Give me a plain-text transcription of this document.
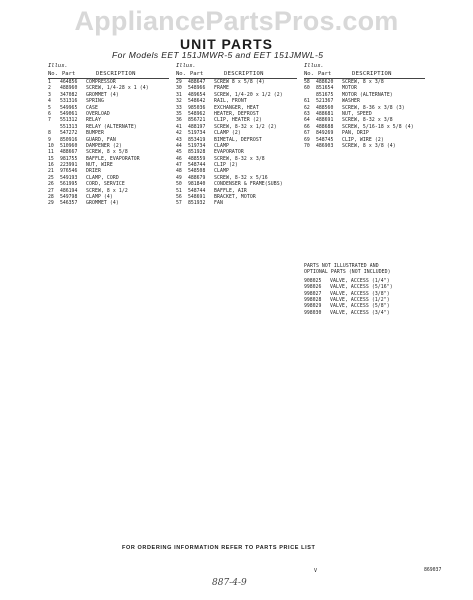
AppliancePartsPros.com
UNIT PARTS
For Models EET 151JMWR-5 and EET 151JMWL-5
Illus.
No. Part	DESCRIPTION
1	464856	COMPRESSOR
2	488960	SCREW, 1/4-28 x 1 (4)
3	347082	GROMMET (4)
4	531316	SPRING
5	549965	CASE
6	549061	OVERLOAD
7	551312	RELAY
551313	RELAY (ALTERNATE)
8	547272	BUMPER
9	850916	GUARD, FAN
10	510960	DAMPENER (2)
11	488667	SCREW, 8 x 5/8
15	981755	BAFFLE, EVAPORATOR
16	223991	NUT, WIRE
21	976546	DRIER
25	549193	CLAMP, CORD
26	561995	CORD, SERVICE
27	486194	SCREW, 8 x 1/2
28	549798	CLAMP (4)
29	546357	GROMMET (4)
Illus.
No. Part	DESCRIPTION
29	488647	SCREW 8 x 5/8 (4)
30	548966	FRAME
31	489654	SCREW, 1/4-20 x 1/2 (2)
32	548642	RAIL, FRONT
33	985036	EXCHANGER, HEAT
35	548962	HEATER, DEFROST
36	856721	CLIP, HEATER (2)
41	488197	SCREW, 8-32 x 1/2 (2)
42	519734	CLAMP (2)
43	853419	BIMETAL, DEFROST
44	519734	CLAMP
45	851928	EVAPORATOR
46	488559	SCREW, 8-32 x 3/8
47	548744	CLIP (2)
48	548508	CLAMP
49	488679	SCREW, 8-32 x 5/16
50	981840	CONDENSER & FRAME(SUBS)
51	548744	BAFFLE, AIR
56	548691	BRACKET, MOTOR
57	851932	FAN
Illus.
No. Part	DESCRIPTION
58	488620	SCREW, 8 x 3/8
60	851654	MOTOR
851675	MOTOR (ALTERNATE)
61	521367	WASHER
62	488560	SCREW, 8-36 x 3/8 (3)
63	488681	NUT, SPEED
64	488691	SCREW, 8-32 x 3/8
66	488688	SCREW, 5/16-18 x 5/8 (4)
67	849269	PAN, DRIP
69	548745	CLIP, WIRE (2)
70	486903	SCREW, 8 x 3/8 (4)
PARTS NOT ILLUSTRATED AND
OPTIONAL PARTS (NOT INCLUDED)
908025	VALVE, ACCESS (1/4")
998026	VALVE, ACCESS (5/16")
998027	VALVE, ACCESS (3/8")
998028	VALVE, ACCESS (1/2")
998029	VALVE, ACCESS (5/8")
998030	VALVE, ACCESS (3/4")
FOR ORDERING INFORMATION REFER TO PARTS PRICE LIST
V	869037
887-4-9
